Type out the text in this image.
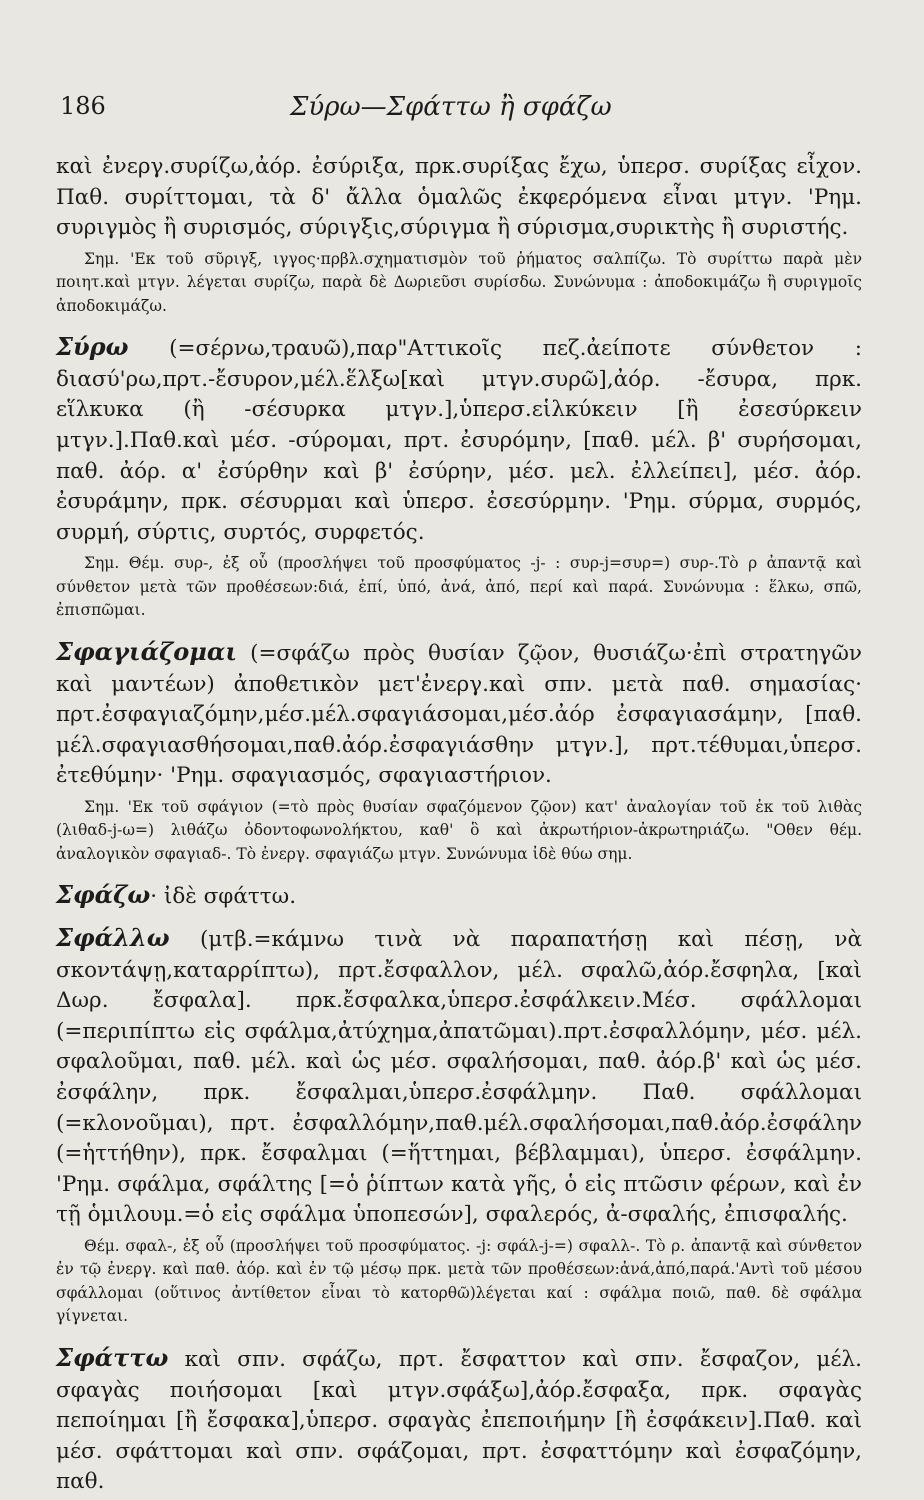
186	Σύρω—Σφάττω ἢ σφάζω

καὶ ἐνεργ.συρίζω,ἀόρ. ἐσύριξα, πρκ.συρίξας ἔχω, ὑπερσ. συρίξας εἶχον. Παθ. συρίττομαι, τὰ δ' ἄλλα ὁμαλῶς ἐκφερόμενα εἶναι μτγν. 'Ρημ. συριγμὸς ἢ συρισμός, σύριγξις,σύριγμα ἢ σύρισμα,συρικτὴς ἢ συριστής.

Σημ. 'Εκ τοῦ σῦριγξ, ιγγος·πρβλ.σχηματισμὸν τοῦ ῥήματος σαλπίζω. Τὸ συρίττω παρὰ μὲν ποιητ.καὶ μτγν. λέγεται συρίζω, παρὰ δὲ Δωριεῦσι συρίσδω. Συνώνυμα : ἀποδοκιμάζω ἢ συριγμοῖς ἀποδοκιμάζω.

Σύρω (=σέρνω,τραυῶ),παρ"Αττικοῖς πεζ.ἀείποτε σύνθετον : διασύ'ρω,πρτ.-ἔσυρον,μέλ.ἕλξω[καὶ μτγν.συρῶ],ἀόρ. -ἔσυρα, πρκ. εἵλκυκα (ἢ -σέσυρκα μτγν.],ὑπερσ.εἱλκύκειν [ἢ ἐσεσύρκειν μτγν.].Παθ.καὶ μέσ. -σύρομαι, πρτ. ἐσυρόμην, [παθ. μέλ. β' συρήσομαι, παθ. ἀόρ. α' ἐσύρθην καὶ β' ἐσύρην, μέσ. μελ. ἐλλείπει], μέσ. ἀόρ. ἐσυράμην, πρκ. σέσυρμαι καὶ ὑπερσ. ἐσεσύρμην. 'Ρημ. σύρμα, συρμός, συρμή, σύρτις, συρτός, συρφετός.

Σημ. Θέμ. συρ-, ἐξ οὗ (προσλήψει τοῦ προσφύματος -j- : συρ-j=συρ=) συρ-.Τὸ ρ ἀπαντᾷ καὶ σύνθετον μετὰ τῶν προθέσεων:διά, ἐπί, ὑπό, ἀνά, ἀπό, περί καὶ παρά. Συνώνυμα : ἕλκω, σπῶ, ἐπισπῶμαι.

Σφαγιάζομαι (=σφάζω πρὸς θυσίαν ζῷον, θυσιάζω·ἐπὶ στρατηγῶν καὶ μαντέων) ἀποθετικὸν μετ'ἐνεργ.καὶ σπν. μετὰ παθ. σημασίας· πρτ.ἐσφαγιαζόμην,μέσ.μέλ.σφαγιάσομαι,μέσ.ἀόρ ἐσφαγιασάμην, [παθ. μέλ.σφαγιασθήσομαι,παθ.ἀόρ.ἐσφαγιάσθην μτγν.], πρτ.τέθυμαι,ὑπερσ. ἐτεθύμην· 'Ρημ. σφαγιασμός, σφαγιαστήριον.

Σημ. 'Εκ τοῦ σφάγιον (=τὸ πρὸς θυσίαν σφαζόμενον ζῷον) κατ' ἀναλογίαν τοῦ ἐκ τοῦ λιθὰς (λιθαδ-j-ω=) λιθάζω ὀδοντοφωνολήκτου, καθ' ὃ καὶ ἀκρωτήριον-ἀκρωτηριάζω. "Οθεν θέμ. ἀναλογικὸν σφαγιαδ-. Τὸ ἐνεργ. σφαγιάζω μτγν. Συνώνυμα ἰδὲ θύω σημ.

Σφάζω· ἰδὲ σφάττω.

Σφάλλω (μτβ.=κάμνω τινὰ νὰ παραπατήσῃ καὶ πέσῃ, νὰ σκοντάψῃ,καταρρίπτω), πρτ.ἔσφαλλον, μέλ. σφαλῶ,ἀόρ.ἔσφηλα, [καὶ Δωρ. ἔσφαλα]. πρκ.ἔσφαλκα,ὑπερσ.ἐσφάλκειν.Μέσ. σφάλλομαι (=περιπίπτω εἰς σφάλμα,ἀτύχημα,ἀπατῶμαι).πρτ.ἐσφαλλόμην, μέσ. μέλ. σφαλοῦμαι, παθ. μέλ. καὶ ὡς μέσ. σφαλήσομαι, παθ. ἀόρ.β' καὶ ὡς μέσ. ἐσφάλην, πρκ. ἔσφαλμαι,ὑπερσ.ἐσφάλμην. Παθ. σφάλλομαι (=κλονοῦμαι), πρτ. ἐσφαλλόμην,παθ.μέλ.σφαλήσομαι,παθ.ἀόρ.ἐσφάλην (=ἡττήθην), πρκ. ἔσφαλμαι (=ἥττημαι, βέβλαμμαι), ὑπερσ. ἐσφάλμην. 'Ρημ. σφάλμα, σφάλτης [=ὁ ῥίπτων κατὰ γῆς, ὁ εἰς πτῶσιν φέρων, καὶ ἐν τῇ ὁμιλουμ.=ὁ εἰς σφάλμα ὑποπεσών], σφαλερός, ἀ-σφαλής, ἐπισφαλής.

Θέμ. σφαλ-, ἐξ οὗ (προσλήψει τοῦ προσφύματος. -j: σφάλ-j-=) σφαλλ-. Τὸ ρ. ἀπαντᾷ καὶ σύνθετον ἐν τῷ ἐνεργ. καὶ παθ. ἀόρ. καὶ ἐν τῷ μέσῳ πρκ. μετὰ τῶν προθέσεων:ἀνά,ἀπό,παρά.'Αντὶ τοῦ μέσου σφάλλομαι (οὕτινος ἀντίθετον εἶναι τὸ κατορθῶ)λέγεται καί : σφάλμα ποιῶ, παθ. δὲ σφάλμα γίγνεται.

Σφάττω καὶ σπν. σφάζω, πρτ. ἔσφαττον καὶ σπν. ἔσφαζον, μέλ. σφαγὰς ποιήσομαι [καὶ μτγν.σφάξω],ἀόρ.ἔσφαξα, πρκ. σφαγὰς πεποίημαι [ἢ ἔσφακα],ὑπερσ. σφαγὰς ἐπεποιήμην [ἢ ἐσφάκειν].Παθ. καὶ μέσ. σφάττομαι καὶ σπν. σφάζομαι, πρτ. ἐσφαττόμην καὶ ἐσφαζόμην, παθ.
